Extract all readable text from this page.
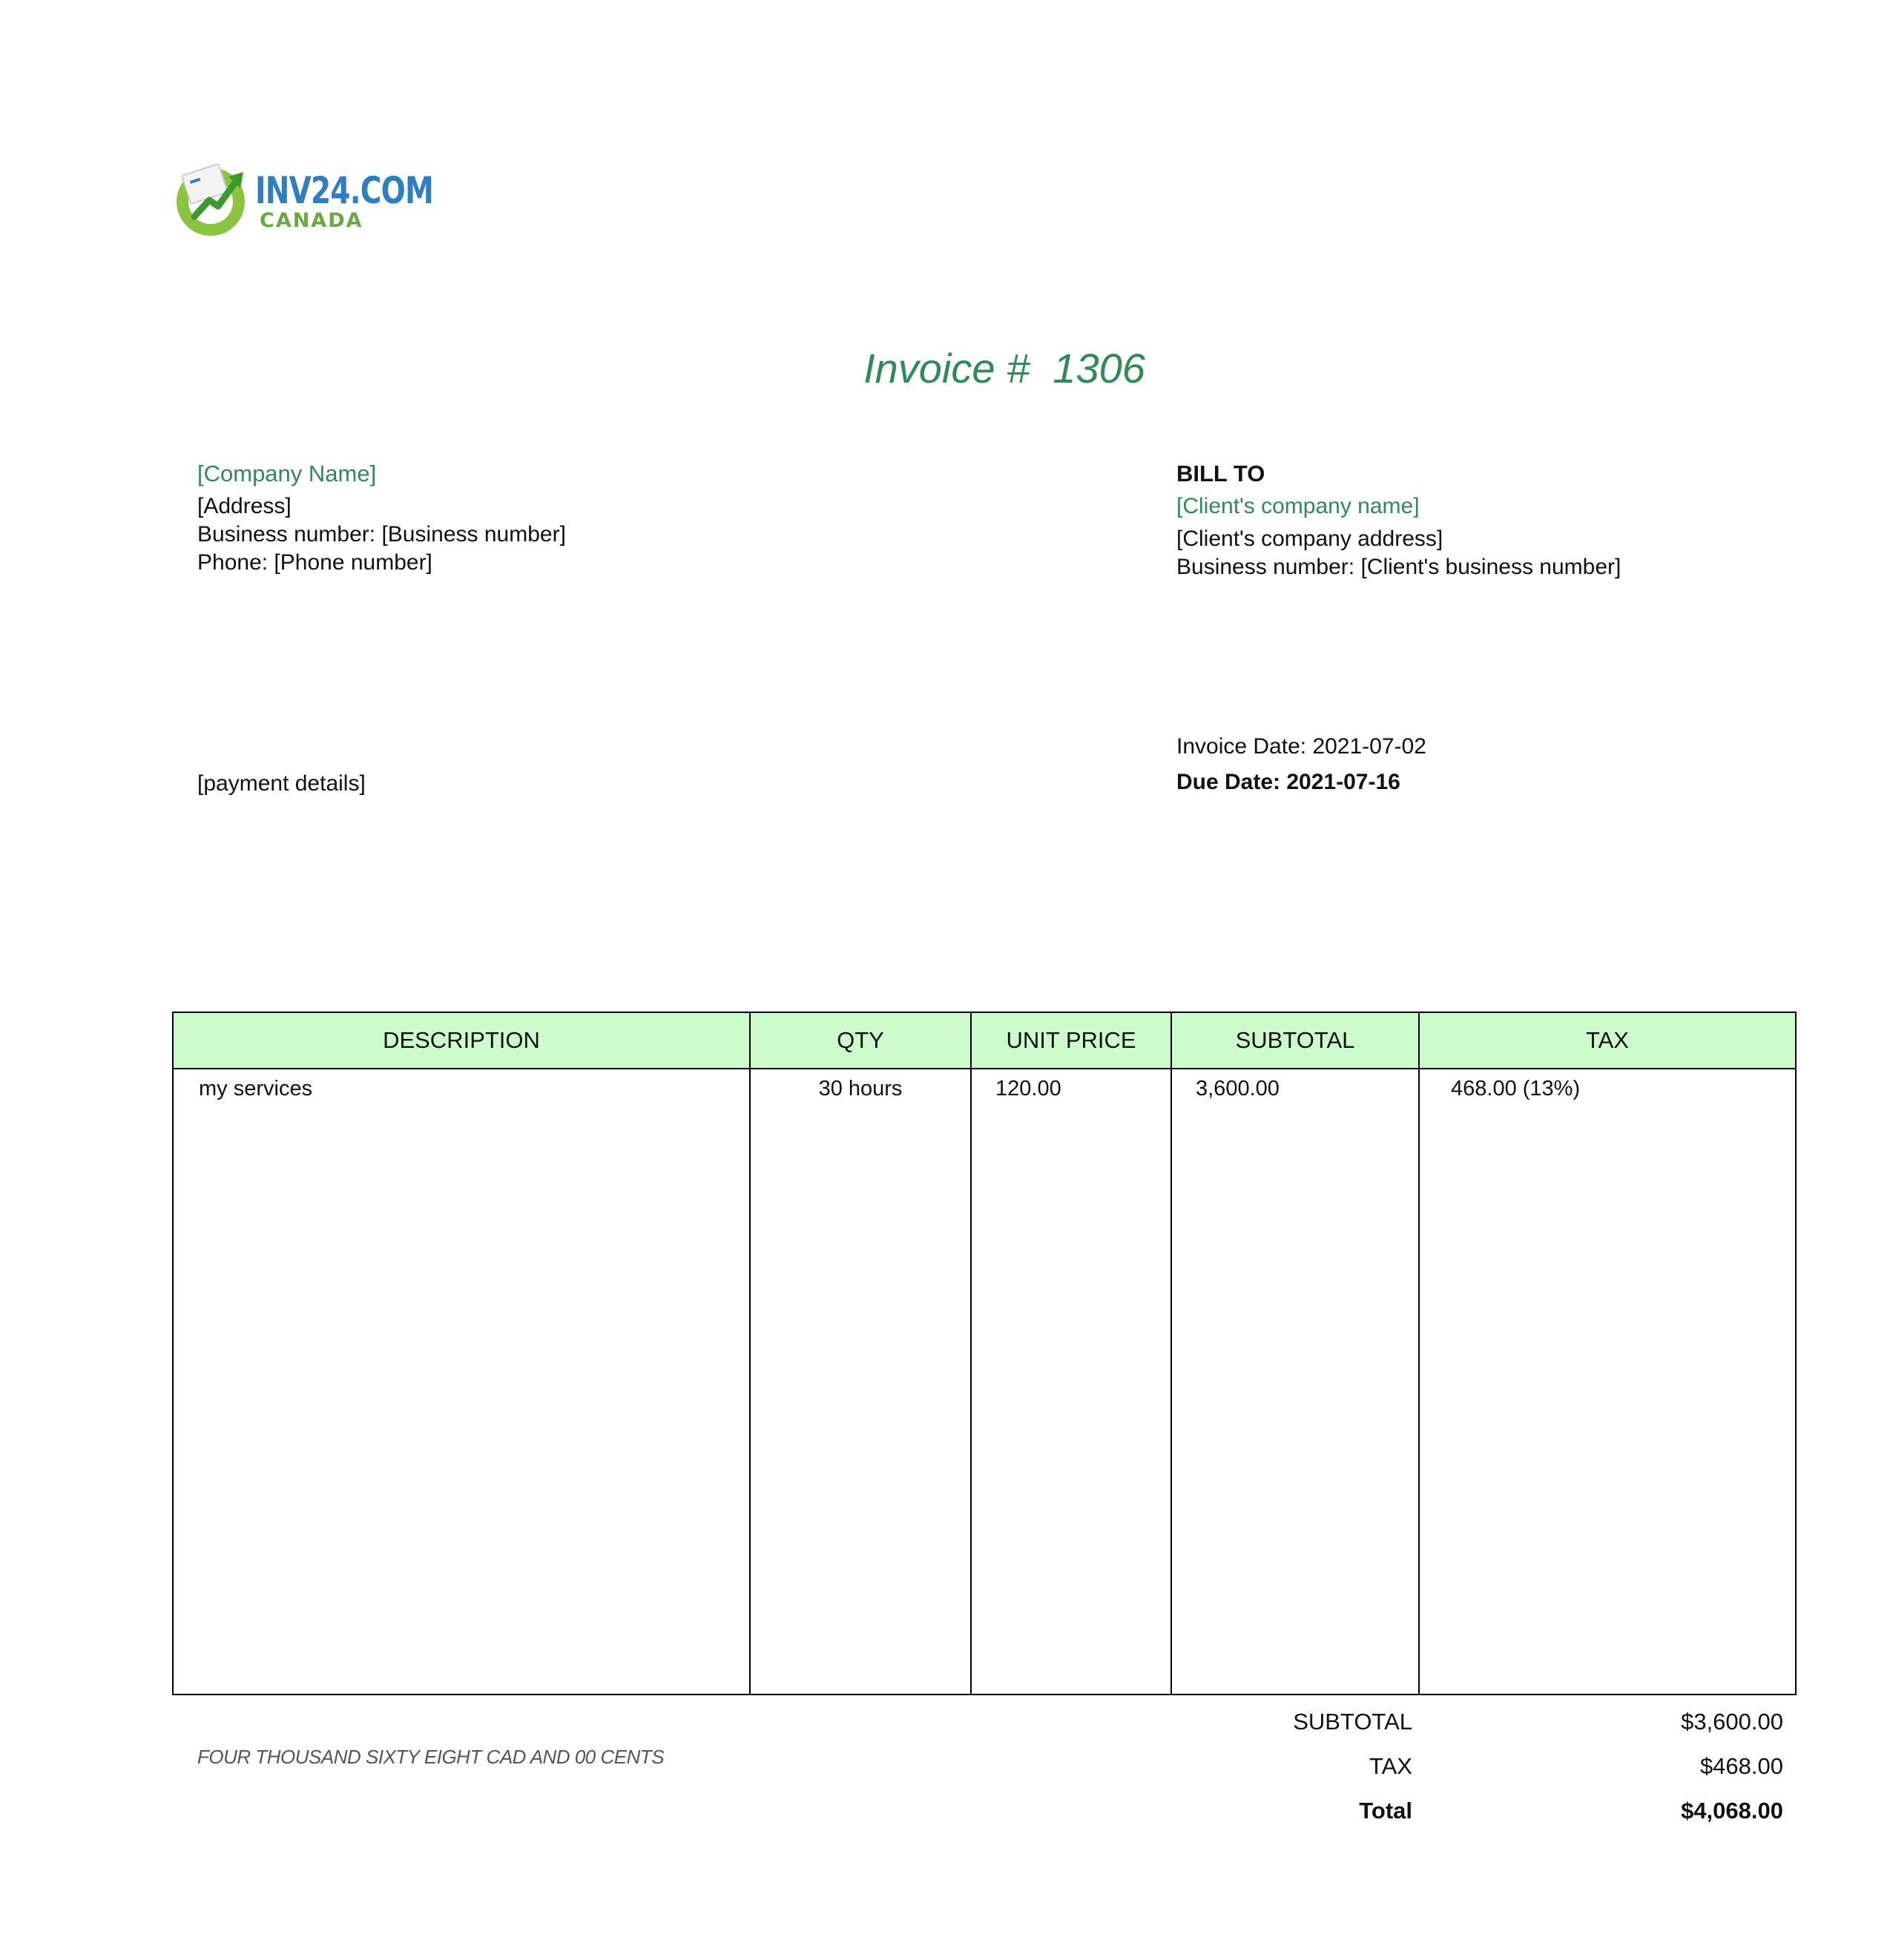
INV24.COM
CANADA
Invoice # 1306
[Company Name]
[Address]
Business number: [Business number]
Phone: [Phone number]
[payment details]
BILL TO
[Client's company name]
[Client's company address]
Business number: [Client's business number]
Invoice Date: 2021-07-02
Due Date: 2021-07-16
DESCRIPTION	QTY	UNIT PRICE	SUBTOTAL	TAX
my services	30 hours	120.00	3,600.00	468.00 (13%)
FOUR THOUSAND SIXTY EIGHT CAD AND 00 CENTS
SUBTOTAL	$3,600.00
TAX	$468.00
Total	$4,068.00
